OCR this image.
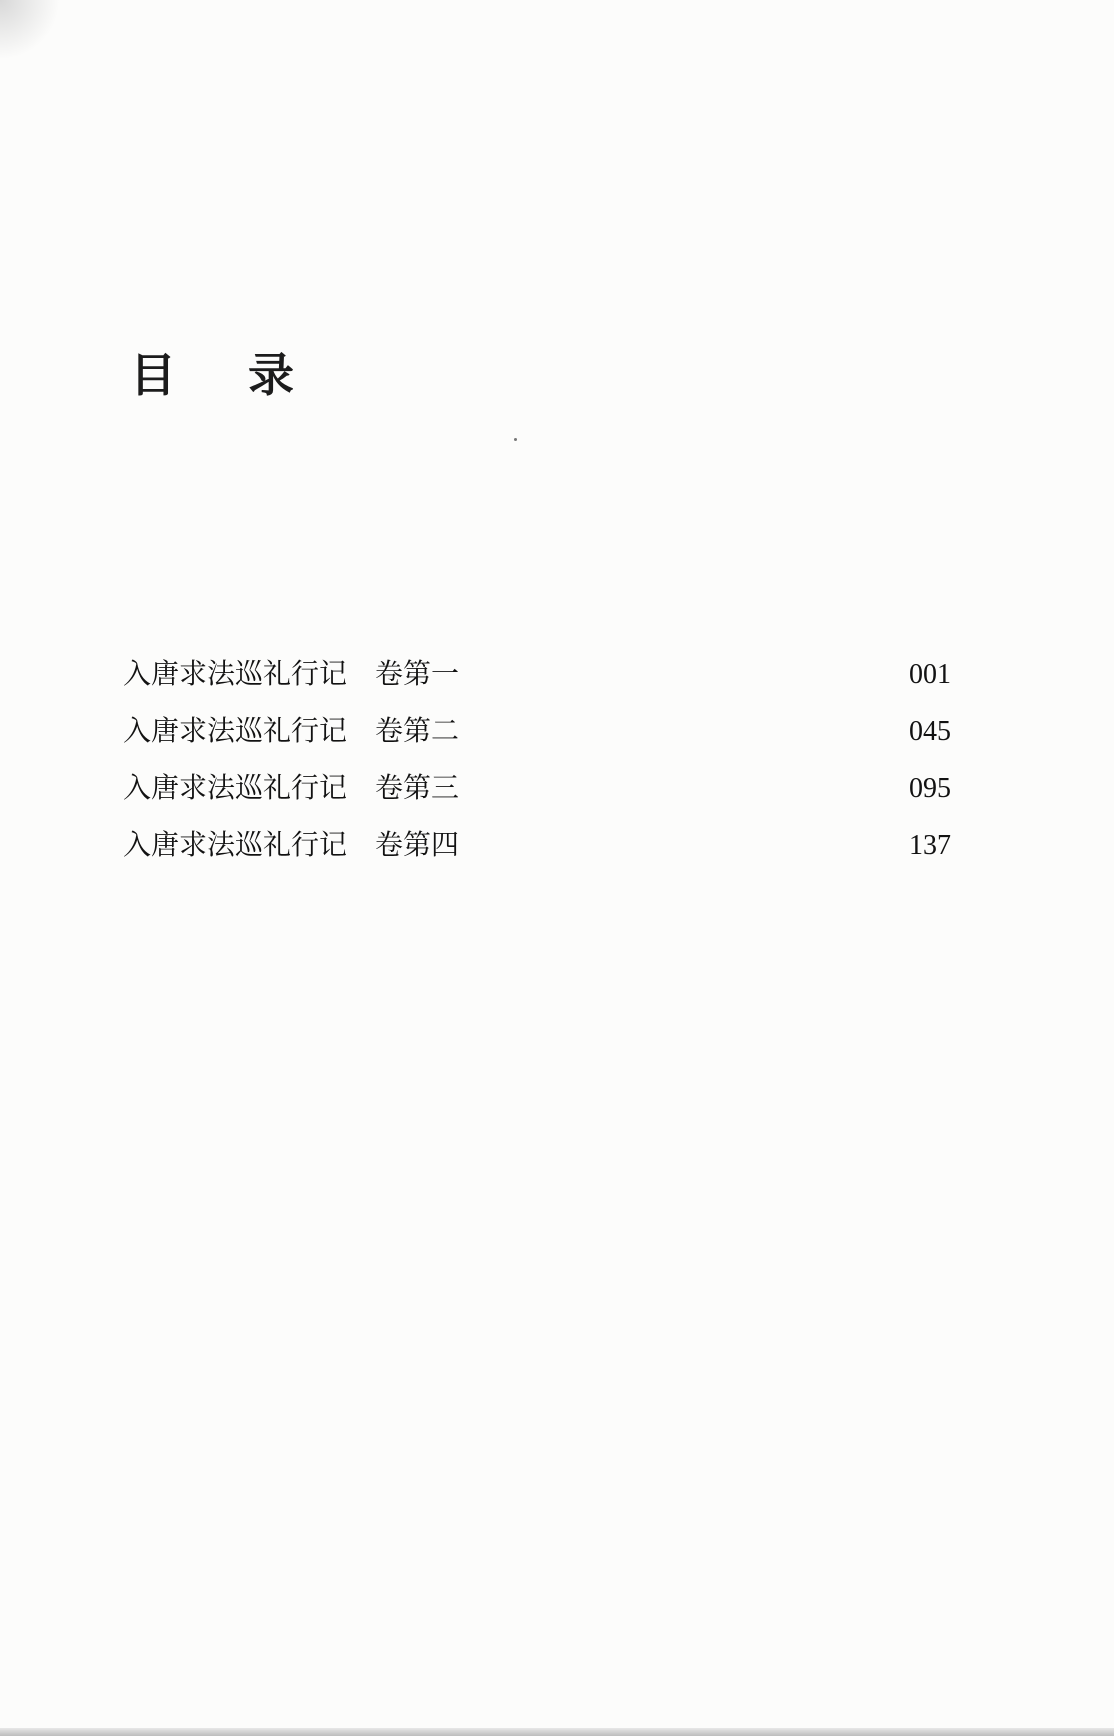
目 录
入唐求法巡礼行记　卷第一	001
入唐求法巡礼行记　卷第二	045
入唐求法巡礼行记　卷第三	095
入唐求法巡礼行记　卷第四	137
